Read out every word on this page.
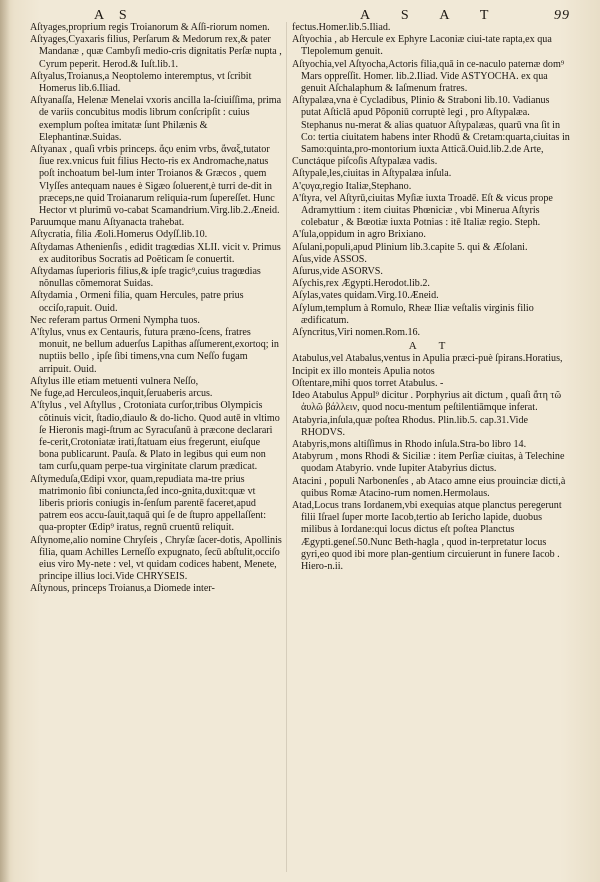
A S	A S A T	99

Aſtyages,proprium regis Troianorum & Aſſi-riorum nomen.

Aſtyages,Cyaxaris filius, Perſarum & Medorum rex,& pater Mandanæ , quæ Cambyſi medio-cris dignitatis Perſæ nupta , Cyrum peperit. Herod.& Iuſt.lib.1.

Aſtyalus,Troianus,a Neoptolemo interemptus, vt ſcribit Homerus lib.6.Iliad.

Aſtyanaſſa, Helenæ Menelai vxoris ancilla la-ſciuiſſima, prima de variis concubitus modis librum conſcripſit : cuius exemplum poſtea imitatæ ſunt Philænis & Elephantinæ.Suidas.

Aſtyanax , quaſi vrbis princeps. ἄςυ enim vrbs, ἄναξ,tutator ſiue rex.vnicus fuit filius Hecto-ris ex Andromache,natus poſt inchoatum bel-lum inter Troianos & Græcos , quem Vlyſſes antequam naues è Sigæo ſoluerent,è turri de-dit in præceps,ne quid Troianarum reliquia-rum ſupereſſet. Hunc Hector vt plurimū vo-cabat Scamandrium.Virg.lib.2.Æneid.

Paruumque manu Aſtyanacta trahebat.

Aſtycratia, filia Æoli.Homerus Odyſſ.lib.10.

Aſtydamas Athenienſis , edidit tragœdias XLII. vicit v. Primus ex auditoribus Socratis ad Poëticam ſe conuertit.

Aſtydamas ſuperioris filius,& ipſe tragic⁹,cuius tragœdias nõnullas cõmemorat Suidas.

Aſtydamia , Ormeni filia, quam Hercules, patre prius occiſo,rapuit. Ouid.

Nec referam partus Ormeni Nympha tuos.

A'ſtylus, vnus ex Centauris, futura præno-ſcens, fratres monuit, ne bellum aduerſus Lapithas aſſumerent,exortoq; in nuptiis bello , ipſe ſibi timens,vna cum Neſſo fugam arripuit. Ouid.

Aſtylus ille etiam metuenti vulnera Neſſo,

Ne fuge,ad Herculeos,inquit,ſeruaberis arcus.

A'ſtylus , vel Aſtyllus , Crotoniata curſor,tribus Olympicis cõtinuis vicit, ſtadio,diaulo & do-licho. Quod autē in vltimo ſe Hieronis magi-ſtrum ac Syracuſanū à præcone declarari fe-cerit,Crotoniatæ irati,ſtatuam eius fregerunt, eiuſque bona publicarunt. Pauſa. & Plato in legibus qui eum non tam curſu,quam perpe-tua virginitate clarum prædicat.

Aſtymeduſa,Œdipi vxor, quam,repudiata ma-tre prius matrimonio ſibi coniuncta,ſed inco-gnita,duxit:quæ vt liberis prioris coniugis in-ſenſum parentē faceret,apud patrem eos accu-ſauit,taquā qui ſe de ſtupro appellaſſent: qua-propter Œdip⁹ iratus, regnū cruentū reliquit.

Aſtynome,alio nomine Chryſeis , Chryſæ ſacer-dotis, Apollinis filia, quam Achilles Lerneſſo expugnato, ſecū abſtulit,occiſo eius viro My-nete : vel, vt quidam codices habent, Menete, principe illius loci.Vide CHRYSEIS.

Aſtynous, princeps Troianus,a Diomede inter-

fectus.Homer.lib.5.Iliad.

Aſtyochia , ab Hercule ex Ephyre Laconiæ ciui-tate rapta,ex qua Tlepolemum genuit.

Aſtyochia,vel Aſtyocha,Actoris filia,quā in ce-naculo paternæ dom⁹ Mars oppreſſit. Homer. lib.2.Iliad. Vide ASTYOCHA. ex qua genuit Aſchalaphum & Iaſmenum fratres.

Aſtypalæa,vna è Cycladibus, Plinio & Straboni lib.10. Vadianus putat Aſticlā apud Põponiū corruptè legi , pro Aſtypalæa. Stephanus nu-merat & alias quatuor Aſtypalæas, quarū vna ſit in Co: tertia ciuitatem habens inter Rhodū & Cretam:quarta,ciuitas in Samo:quinta,pro-montorium iuxta Atticā.Ouid.lib.2.de Arte,

Cunctáque piſcoſis Aſtypalæa vadis.

Aſtypale,les,ciuitas in Aſtypalæa inſula.

A'ςυγα,regio Italiæ,Stephano.

A'ſtyra, vel Aſtyrū,ciuitas Myſiæ iuxta Troadē. Eſt & vicus prope Adramyttium : item ciuitas Phœniciæ , vbi Minerua Aſtyris colebatur , & Bœotiæ iuxta Potnias : itē Italiæ regio. Steph.

A'ſula,oppidum in agro Brixiano.

Aſulani,populi,apud Plinium lib.3.capite 5. qui & Æſolani.

Aſus,vide ASSOS.

Aſurus,vide ASORVS.

Aſychis,rex Ægypti.Herodot.lib.2.

Aſylas,vates quidam.Virg.10.Æneid.

Aſylum,templum à Romulo, Rheæ Iliæ veſtalis virginis filio ædificatum.

Aſyncritus,Viri nomen.Rom.16.

A T

Atabulus,vel Atabalus,ventus in Apulia præci-puè ſpirans.Horatius,

Incipit ex illo monteis Apulia notos

Oſtentare,mihi quos torret Atabulus. -

Ideo Atabulus Appul⁹ dicitur . Porphyrius ait dictum , quaſi ἄτη τῶ ἀυλῶ βάλλειν, quod nocu-mentum peſtilentiāmque inferat.

Atabyria,inſula,quæ poſtea Rhodus. Plin.lib.5. cap.31.Vide RHODVS.

Atabyris,mons altiſſimus in Rhodo inſula.Stra-bo libro 14.

Atabyrum , mons Rhodi & Siciliæ : item Perſiæ ciuitas, à Telechine quodam Atabyrio. vnde Iupiter Atabyrius dictus.

Atacini , populi Narbonenſes , ab Ataco amne eius prouinciæ dicti,à quibus Romæ Atacino-rum nomen.Hermolaus.

Atad,Locus trans Iordanem,vbi exequias atque planctus peregerunt filii Iſrael ſuper morte Iacob,tertio ab Iericho lapide, duobus milibus à Iordane:qui locus dictus eſt poſtea Planctus Ægypti.geneſ.50.Nunc Beth-hagla , quod in-terpretatur locus gyri,eo quod ibi more plan-gentium circuierunt in funere Iacob . Hiero-n.ii.
